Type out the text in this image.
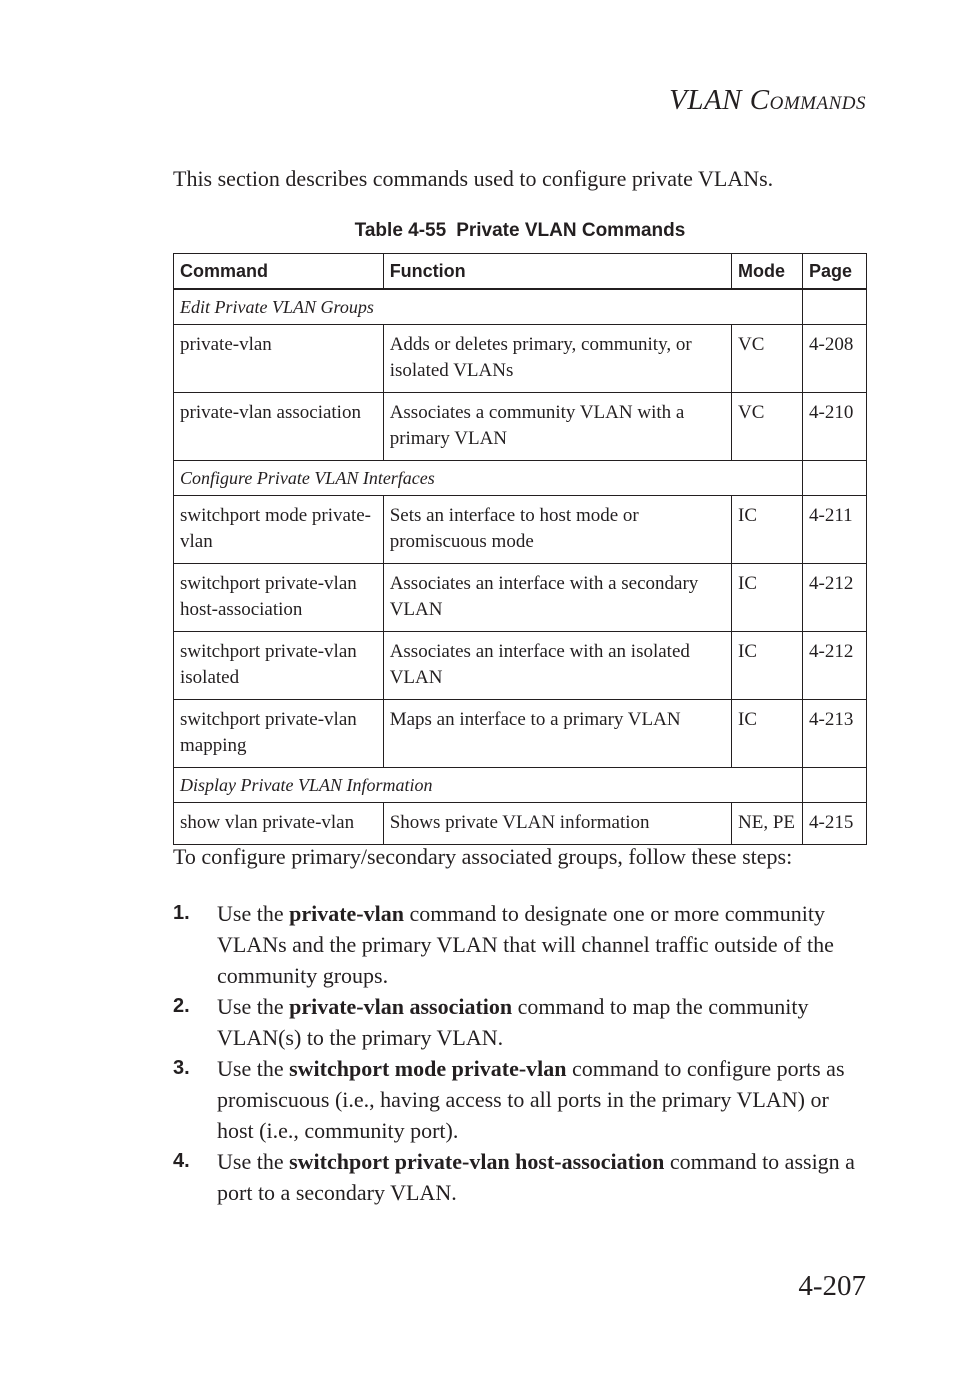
VLAN COMMANDS

This section describes commands used to configure private VLANs.

Table 4-55 Private VLAN Commands
Command	Function	Mode	Page
Edit Private VLAN Groups			
private-vlan	Adds or deletes primary, community, or isolated VLANs	VC	4-208
private-vlan association	Associates a community VLAN with a primary VLAN	VC	4-210
Configure Private VLAN Interfaces			
switchport mode private-vlan	Sets an interface to host mode or promiscuous mode	IC	4-211
switchport private-vlan host-association	Associates an interface with a secondary VLAN	IC	4-212
switchport private-vlan isolated	Associates an interface with an isolated VLAN	IC	4-212
switchport private-vlan mapping	Maps an interface to a primary VLAN	IC	4-213
Display Private VLAN Information			
show vlan private-vlan	Shows private VLAN information	NE, PE	4-215

To configure primary/secondary associated groups, follow these steps:

1. Use the private-vlan command to designate one or more community VLANs and the primary VLAN that will channel traffic outside of the community groups.
2. Use the private-vlan association command to map the community VLAN(s) to the primary VLAN.
3. Use the switchport mode private-vlan command to configure ports as promiscuous (i.e., having access to all ports in the primary VLAN) or host (i.e., community port).
4. Use the switchport private-vlan host-association command to assign a port to a secondary VLAN.
4-207
